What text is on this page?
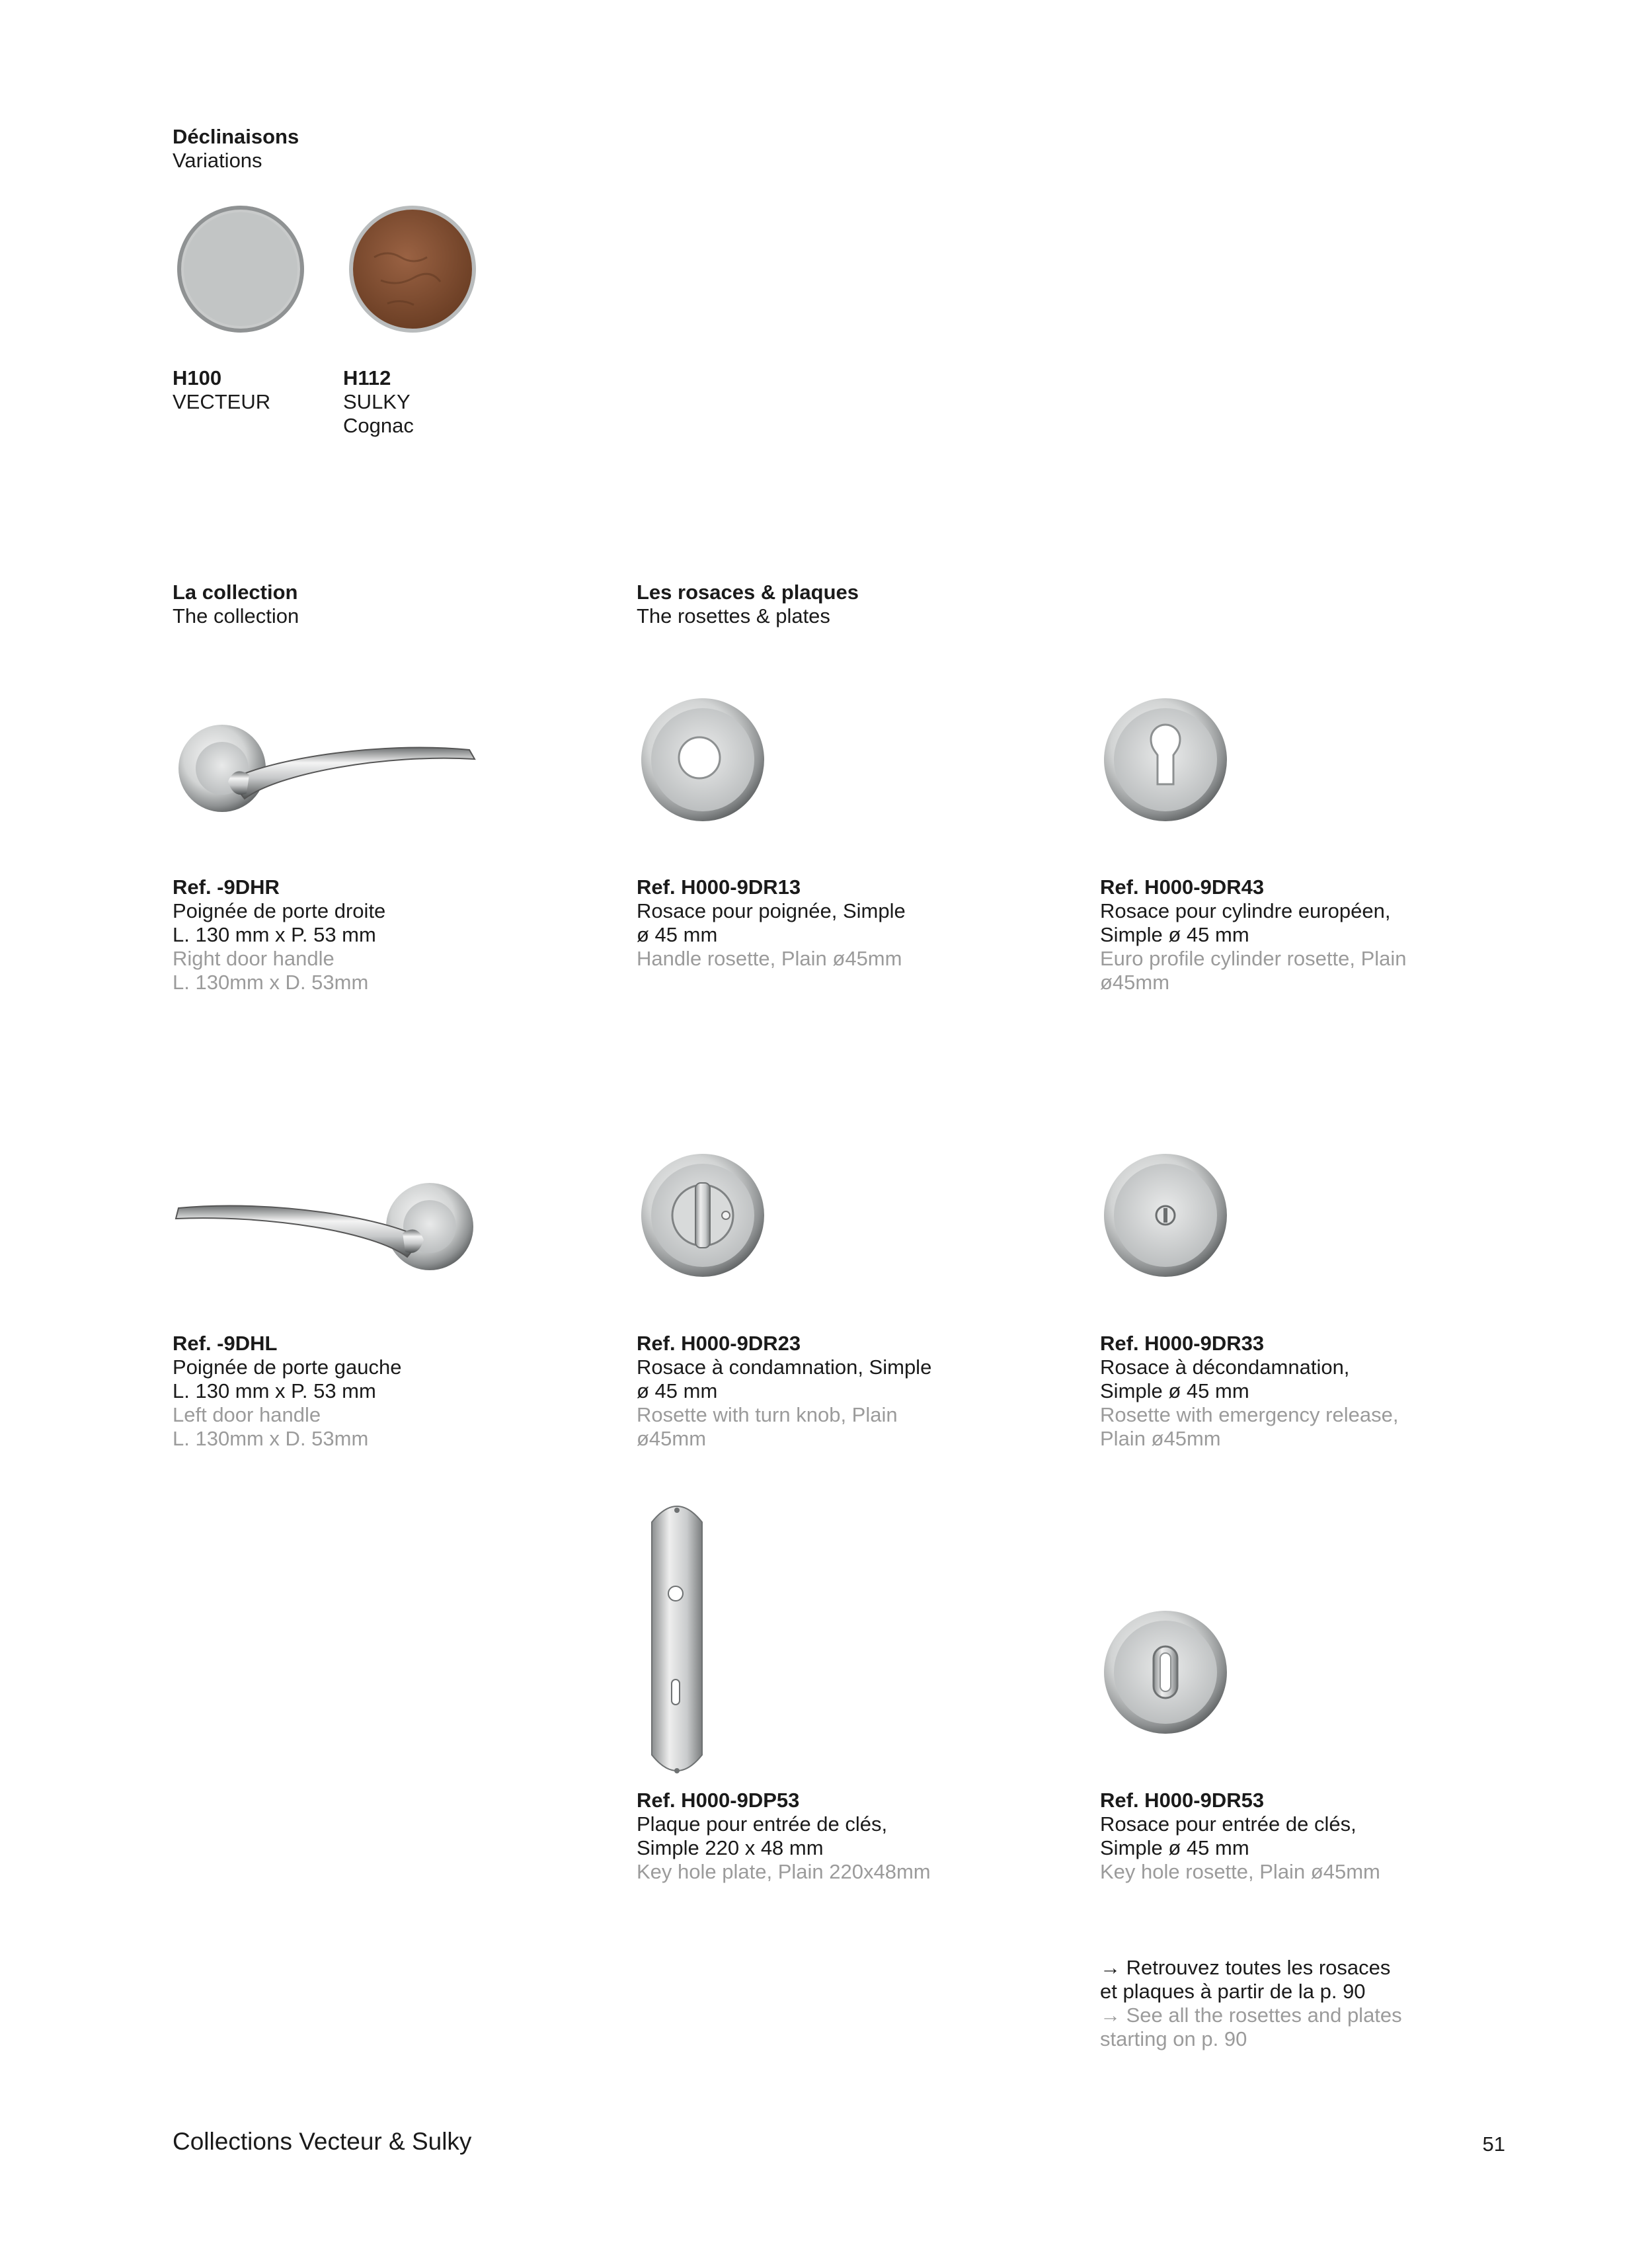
Déclinaisons
Variations
H100
VECTEUR
H112
SULKY
Cognac
La collection
The collection
Les rosaces & plaques
The rosettes & plates
Ref. -9DHR
Poignée de porte droite
L. 130 mm x P. 53 mm
Right door handle
L. 130mm x D. 53mm
Ref. H000-9DR13
Rosace pour poignée, Simple
ø 45 mm
Handle rosette, Plain ø45mm
Ref. H000-9DR43
Rosace pour cylindre européen,
Simple ø 45 mm
Euro profile cylinder rosette, Plain
ø45mm
Ref. -9DHL
Poignée de porte gauche
L. 130 mm x P. 53 mm
Left door handle
L. 130mm x D. 53mm
Ref. H000-9DR23
Rosace à condamnation, Simple
ø 45 mm
Rosette with turn knob, Plain
ø45mm
Ref. H000-9DR33
Rosace à décondamnation,
Simple ø 45 mm
Rosette with emergency release,
Plain ø45mm
Ref. H000-9DP53
Plaque pour entrée de clés,
Simple 220 x 48 mm
Key hole plate, Plain 220x48mm
Ref. H000-9DR53
Rosace pour entrée de clés,
Simple ø 45 mm
Key hole rosette, Plain ø45mm
→ Retrouvez toutes les rosaces
et plaques à partir de la p. 90
→ See all the rosettes and plates
starting on p. 90
Collections Vecteur & Sulky	51
